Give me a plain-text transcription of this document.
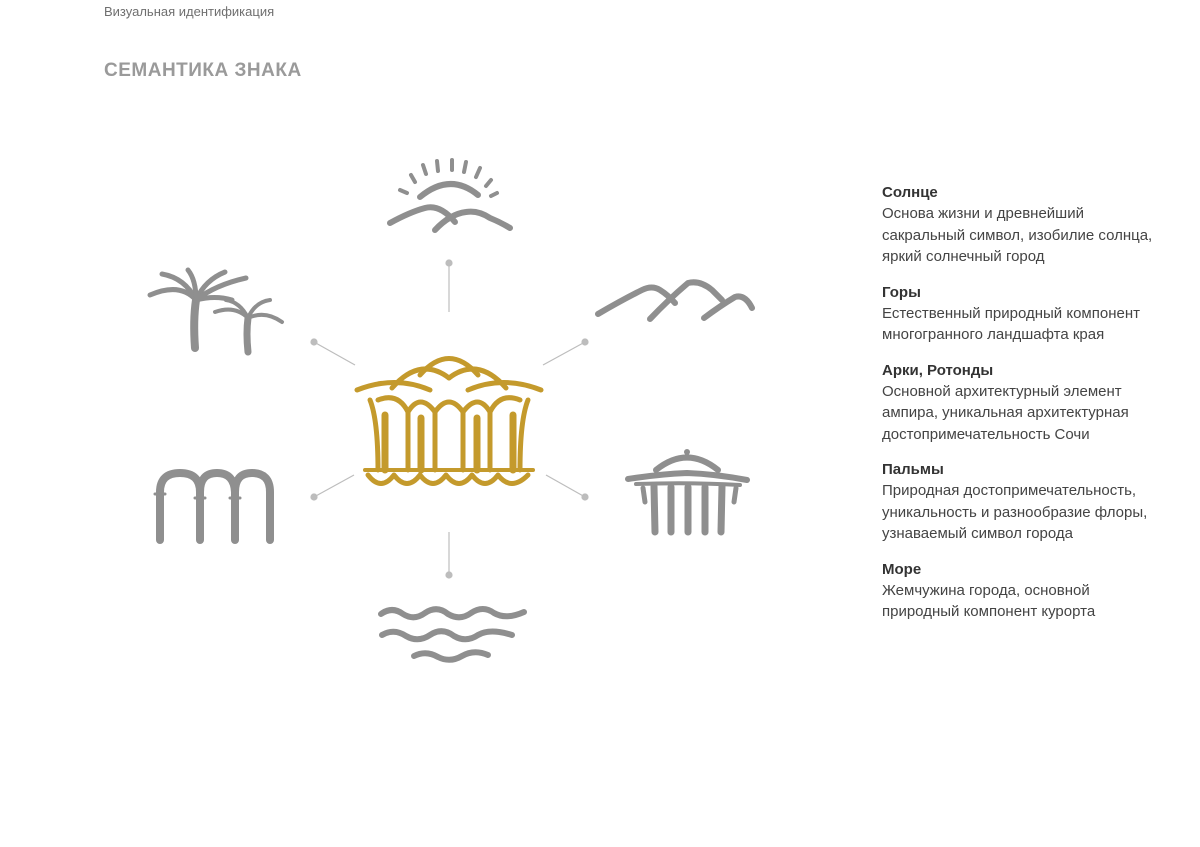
Визуальная идентификация
СЕМАНТИКА ЗНАКА
Солнце
Основа жизни и древнейший
сакральный символ, изобилие солнца,
яркий солнечный город
Горы
Естественный природный компонент
многогранного ландшафта края
Арки, Ротонды
Основной архитектурный элемент
ампира, уникальная архитектурная
достопримечательность Сочи
Пальмы
Природная достопримечательность,
уникальность и разнообразие флоры,
узнаваемый символ города
Море
Жемчужина города, основной
природный компонент курорта
